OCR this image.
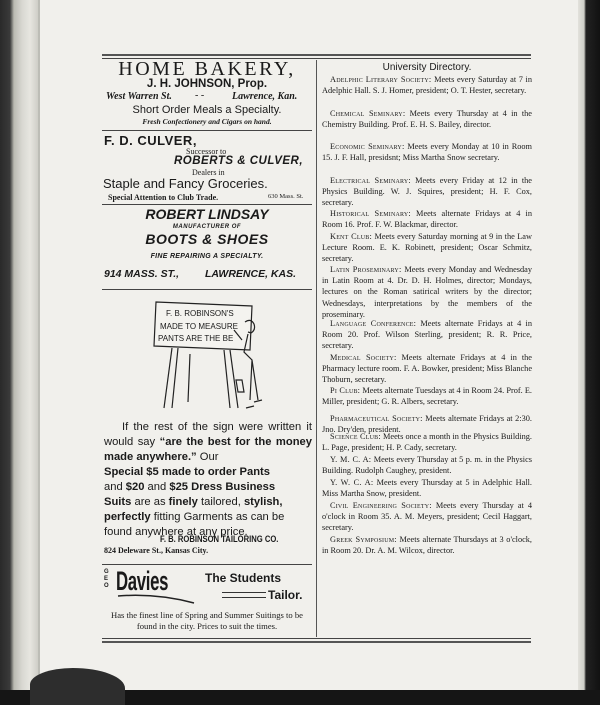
HOME BAKERY,
J. H. JOHNSON, Prop.
West Warren St. - -	Lawrence, Kan.
Short Order Meals a Specialty.
Fresh Confectionery and Cigars on hand.
F. D. CULVER,
Successor to
ROBERTS & CULVER,
Dealers in
Staple and Fancy Groceries.
Special Attention to Club Trade.	630 Mass. St.
ROBERT LINDSAY
MANUFACTURER OF
BOOTS & SHOES
FINE REPAIRING A SPECIALTY.
914 MASS. ST., LAWRENCE, KAS.
F. B. ROBINSON'S
MADE TO MEASURE
PANTS ARE THE BE
If the rest of the sign were written it would say “are the best for the money made anywhere.” Our
Special $5 made to order Pants
and $20 and $25 Dress Business
Suits are as finely tailored, stylish,
perfectly fitting Garments as can be
found anywhere at any price.
F. B. ROBINSON TAILORING CO.
824 Deleware St., Kansas City.
GEO Davies	The Students
Tailor.
Has the finest line of Spring and Summer Suitings to be found in the city. Prices to suit the times.
University Directory.
Adelphic Literary Society: Meets every Saturday at 7 in Adelphic Hall. S. J. Homer, president; O. T. Hester, secretary.
Chemical Seminary: Meets every Thursday at 4 in the Chemistry Building. Prof. E. H. S. Bailey, director.
Economic Seminary: Meets every Monday at 10 in Room 15. J. F. Hall, presidsnt; Miss Martha Snow secretary.
Electrical Seminary: Meets every Friday at 12 in the Physics Building. W. J. Squires, president; H. F. Cox, secretary.
Historical Seminary: Meets alternate Fridays at 4 in Room 16. Prof. F. W. Blackmar, director.
Kent Club: Meets every Saturday morning at 9 in the Law Lecture Room. E. K. Robinett, president; Oscar Schmitz, secretary.
Latin Proseminary: Meets every Monday and Wednesday in Latin Room at 4. Dr. D. H. Holmes, director; Mondays, lectures on the Roman satirical writers by the director; Wednesdays, interpretations by the members of the proseminary.
Language Conference: Meets alternate Fridays at 4 in Room 20. Prof. Wilson Sterling, president; R. R. Price, secretary.
Medical Society: Meets alternate Fridays at 4 in the Pharmacy lecture room. F. A. Bowker, president; Miss Blanche Thoburn, secretary.
Pi Club: Meets alternate Tuesdays at 4 in Room 24. Prof. E. Miller, president; G. R. Albers, secretary.
Pharmaceutical Society: Meets alternate Fridays at 2:30. Jno. Dry'den, president.
Science Club: Meets once a month in the Physics Building. L. Page, president; H. P. Cady, secretary.
Y. M. C. A: Meets every Thursday at 5 p. m. in the Physics Building. Rudolph Caughey, president.
Y. W. C. A: Meets every Thursday at 5 in Adelphic Hall. Miss Martha Snow, president.
Civil Engineering Society: Meets every Thursday at 4 o'clock in Room 35. A. M. Meyers, president; Cecil Haggart, secretary.
Greek Symposium: Meets alternate Thursdays at 3 o'clock, in Room 20. Dr. A. M. Wilcox, director.
